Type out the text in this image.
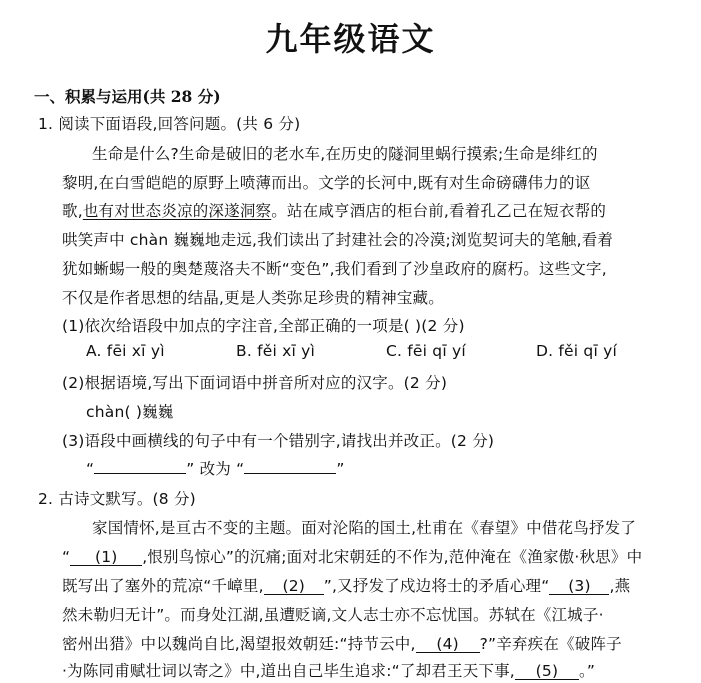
九年级语文
一、积累与运用(共 28 分)
1. 阅读下面语段,回答问题。(共 6 分)
生命是什么?生命是破旧的老水车,在历史的隧洞里蜗行摸索;生命是绯红的
黎明,在白雪皑皑的原野上喷薄而出。文学的长河中,既有对生命磅礴伟力的讴
歌,也有对世态炎凉的深遂洞察。站在咸亨酒店的柜台前,看着孔乙己在短衣帮的
哄笑声中 chàn 巍巍地走远,我们读出了封建社会的冷漠;浏览契诃夫的笔触,看着
犹如蜥蜴一般的奥楚蔑洛夫不断“变色”,我们看到了沙皇政府的腐朽。这些文字,
不仅是作者思想的结晶,更是人类弥足珍贵的精神宝藏。
(1)依次给语段中加点的字注音,全部正确的一项是( )(2 分)
A. fēi xī yì	B. fěi xī yì	C. fēi qī yí	D. fěi qī yí
(2)根据语境,写出下面词语中拼音所对应的汉字。(2 分)
chàn( )巍巍
(3)语段中画横线的句子中有一个错别字,请找出并改正。(2 分)
“	” 改为 “	”
2. 古诗文默写。(8 分)
家国情怀,是亘古不变的主题。面对沦陷的国土,杜甫在《春望》中借花鸟抒发了
“ (1) ,恨别鸟惊心”的沉痛;面对北宋朝廷的不作为,范仲淹在《渔家傲·秋思》中
既写出了塞外的荒凉“千嶂里, (2) ”,又抒发了戍边将士的矛盾心理“ (3) ,燕
然未勒归无计”。而身处江湖,虽遭贬谪,文人志士亦不忘忧国。苏轼在《江城子·
密州出猎》中以魏尚自比,渴望报效朝廷:“持节云中, (4) ?”辛弃疾在《破阵子
·为陈同甫赋壮词以寄之》中,道出自己毕生追求:“了却君王天下事, (5) 。”
